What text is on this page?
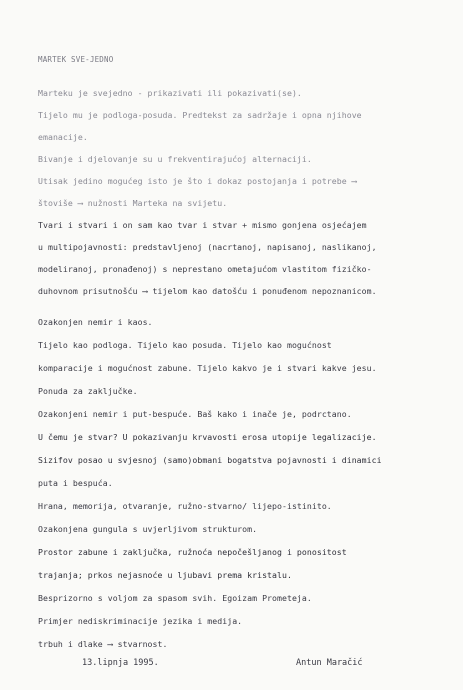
MARTEK SVE-JEDNO
Marteku je svejedno - prikazivati ili pokazivati(se).
Tijelo mu je podloga-posuda. Predtekst za sadržaje i opna njihove
emanacije.
Bivanje i djelovanje su u frekventirajućoj alternaciji.
Utisak jedino mogućeg isto je što i dokaz postojanja i potrebe ⟶
štoviše ⟶ nužnosti Marteka na svijetu.
Tvari i stvari i on sam kao tvar i stvar + mismo gonjena osjećajem
u multipojavnosti: predstavljenoj (nacrtanoj, napisanoj, naslikanoj,
modeliranoj, pronađenoj) s neprestano ometajućom vlastitom fizičko-
duhovnom prisutnošću ⟶ tijelom kao datošću i ponuđenom nepoznanicom.
Ozakonjen nemir i kaos.
Tijelo kao podloga. Tijelo kao posuda. Tijelo kao mogućnost
komparacije i mogućnost zabune. Tijelo kakvo je i stvari kakve jesu.
Ponuda za zaključke.
Ozakonjeni nemir i put-bespuće. Baš kako i inače je, podrctano.
U čemu je stvar? U pokazivanju krvavosti erosa utopije legalizacije.
Sizifov posao u svjesnoj (samo)obmani bogatstva pojavnosti i dinamici
puta i bespuća.
Hrana, memorija, otvaranje, ružno-stvarno/ lijepo-istinito.
Ozakonjena gungula s uvjerljivom strukturom.
Prostor zabune i zaključka, ružnoća nepočešljanog i ponositost
trajanja; prkos nejasnoće u ljubavi prema kristalu.
Besprizorno s voljom za spasom svih. Egoizam Prometeja.
Primjer nediskriminacije jezika i medija.
trbuh i dlake ⟶ stvarnost.
13.lipnja 1995.	Antun Maračić
